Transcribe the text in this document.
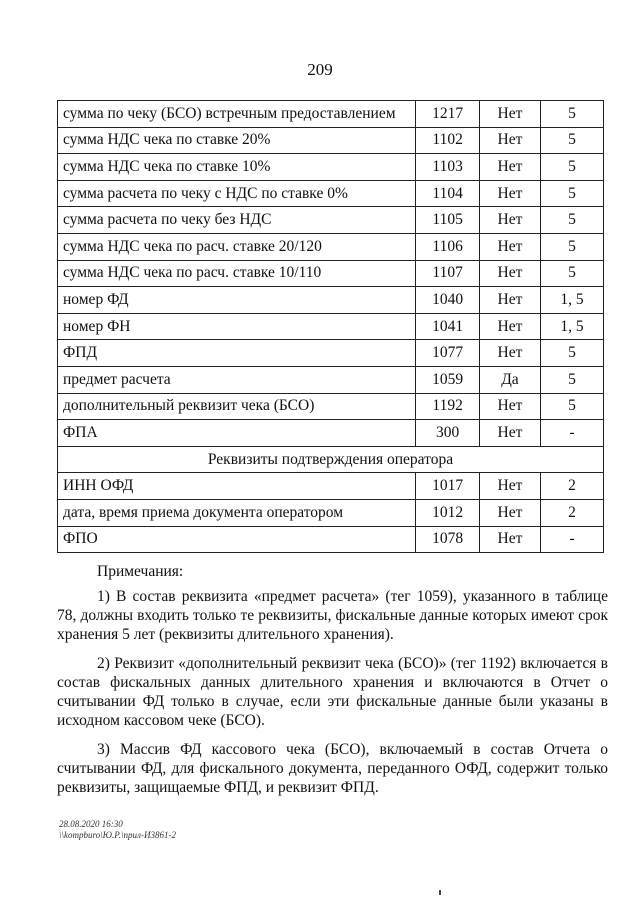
209
сумма по чеку (БСО) встречным предоставлением	1217	Нет	5
сумма НДС чека по ставке 20%	1102	Нет	5
сумма НДС чека по ставке 10%	1103	Нет	5
сумма расчета по чеку с НДС по ставке 0%	1104	Нет	5
сумма расчета по чеку без НДС	1105	Нет	5
сумма НДС чека по расч. ставке 20/120	1106	Нет	5
сумма НДС чека по расч. ставке 10/110	1107	Нет	5
номер ФД	1040	Нет	1, 5
номер ФН	1041	Нет	1, 5
ФПД	1077	Нет	5
предмет расчета	1059	Да	5
дополнительный реквизит чека (БСО)	1192	Нет	5
ФПА	300	Нет	-
Реквизиты подтверждения оператора			
ИНН ОФД	1017	Нет	2
дата, время приема документа оператором	1012	Нет	2
ФПО	1078	Нет	-

Примечания:

1) В состав реквизита «предмет расчета» (тег 1059), указанного в таблице 78, должны входить только те реквизиты, фискальные данные которых имеют срок хранения 5 лет (реквизиты длительного хранения).

2) Реквизит «дополнительный реквизит чека (БСО)» (тег 1192) включается в состав фискальных данных длительного хранения и включаются в Отчет о считывании ФД только в случае, если эти фискальные данные были указаны в исходном кассовом чеке (БСО).

3) Массив ФД кассового чека (БСО), включаемый в состав Отчета о считывании ФД, для фискального документа, переданного ОФД, содержит только реквизиты, защищаемые ФПД, и реквизит ФПД.

28.08.2020 16:30
\\kompburo\Ю.Р.\прил-И3861-2
